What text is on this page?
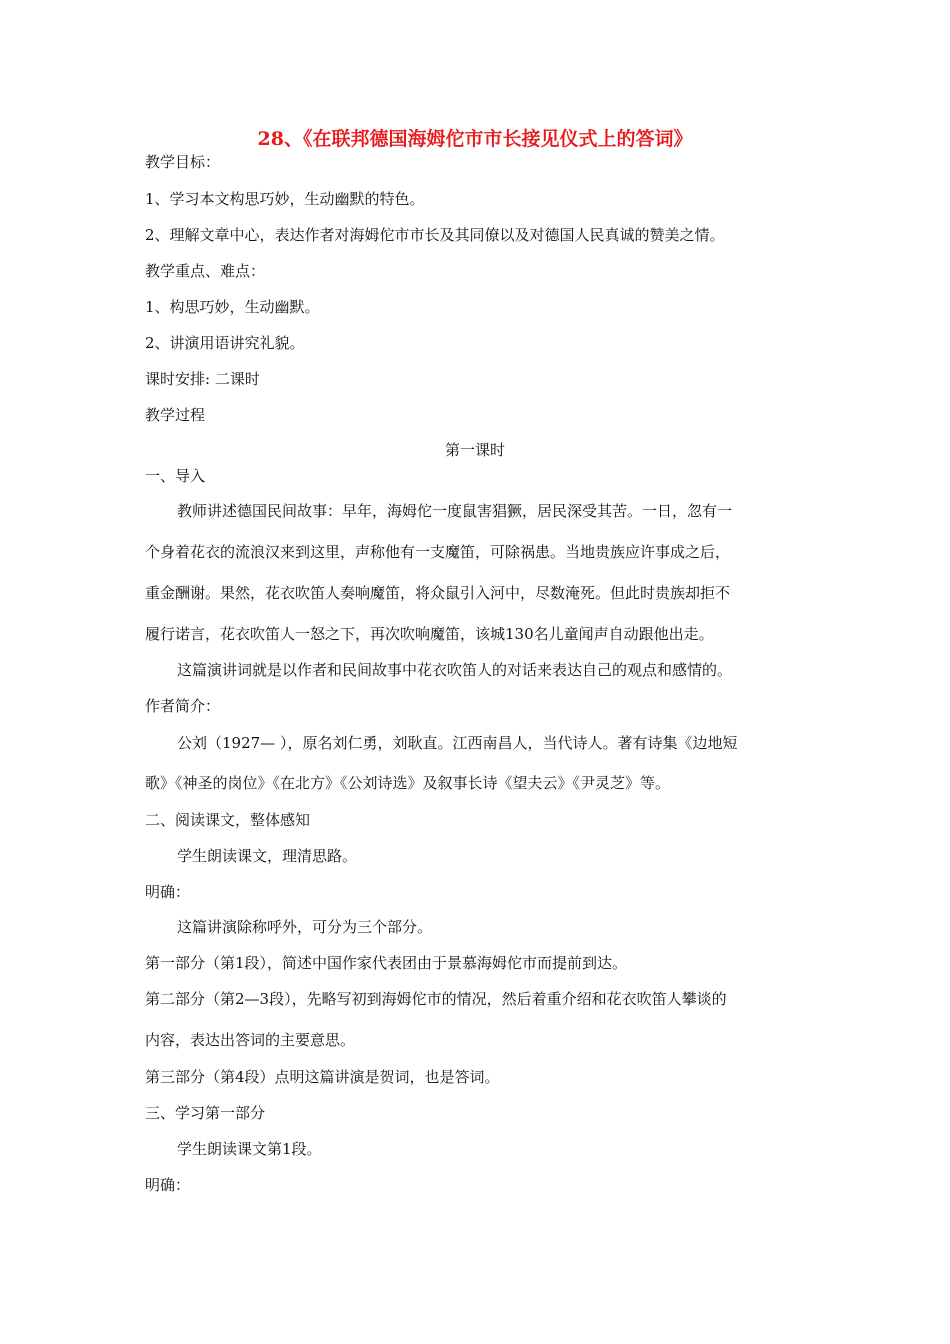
28、《在联邦德国海姆佗市市长接见仪式上的答词》
教学目标：
1、学习本文构思巧妙，生动幽默的特色。
2、理解文章中心，表达作者对海姆佗市市长及其同僚以及对德国人民真诚的赞美之情。
教学重点、难点：
1、构思巧妙，生动幽默。
2、讲演用语讲究礼貌。
课时安排: 二课时
教学过程
第一课时
一、导入
教师讲述德国民间故事：早年，海姆佗一度鼠害猖獗，居民深受其苦。一日，忽有一
个身着花衣的流浪汉来到这里，声称他有一支魔笛，可除祸患。当地贵族应许事成之后，
重金酬谢。果然，花衣吹笛人奏响魔笛，将众鼠引入河中，尽数淹死。但此时贵族却拒不
履行诺言，花衣吹笛人一怒之下，再次吹响魔笛，该城130名儿童闻声自动跟他出走。
这篇演讲词就是以作者和民间故事中花衣吹笛人的对话来表达自己的观点和感情的。
作者简介：
公刘（1927— ），原名刘仁勇，刘耿直。江西南昌人，当代诗人。著有诗集《边地短
歌》《神圣的岗位》《在北方》《公刘诗选》及叙事长诗《望夫云》《尹灵芝》等。
二、阅读课文，整体感知
学生朗读课文，理清思路。
明确：
这篇讲演除称呼外，可分为三个部分。
第一部分（第1段），简述中国作家代表团由于景慕海姆佗市而提前到达。
第二部分（第2—3段），先略写初到海姆佗市的情况，然后着重介绍和花衣吹笛人攀谈的
内容，表达出答词的主要意思。
第三部分（第4段）点明这篇讲演是贺词，也是答词。
三、学习第一部分
学生朗读课文第1段。
明确：
